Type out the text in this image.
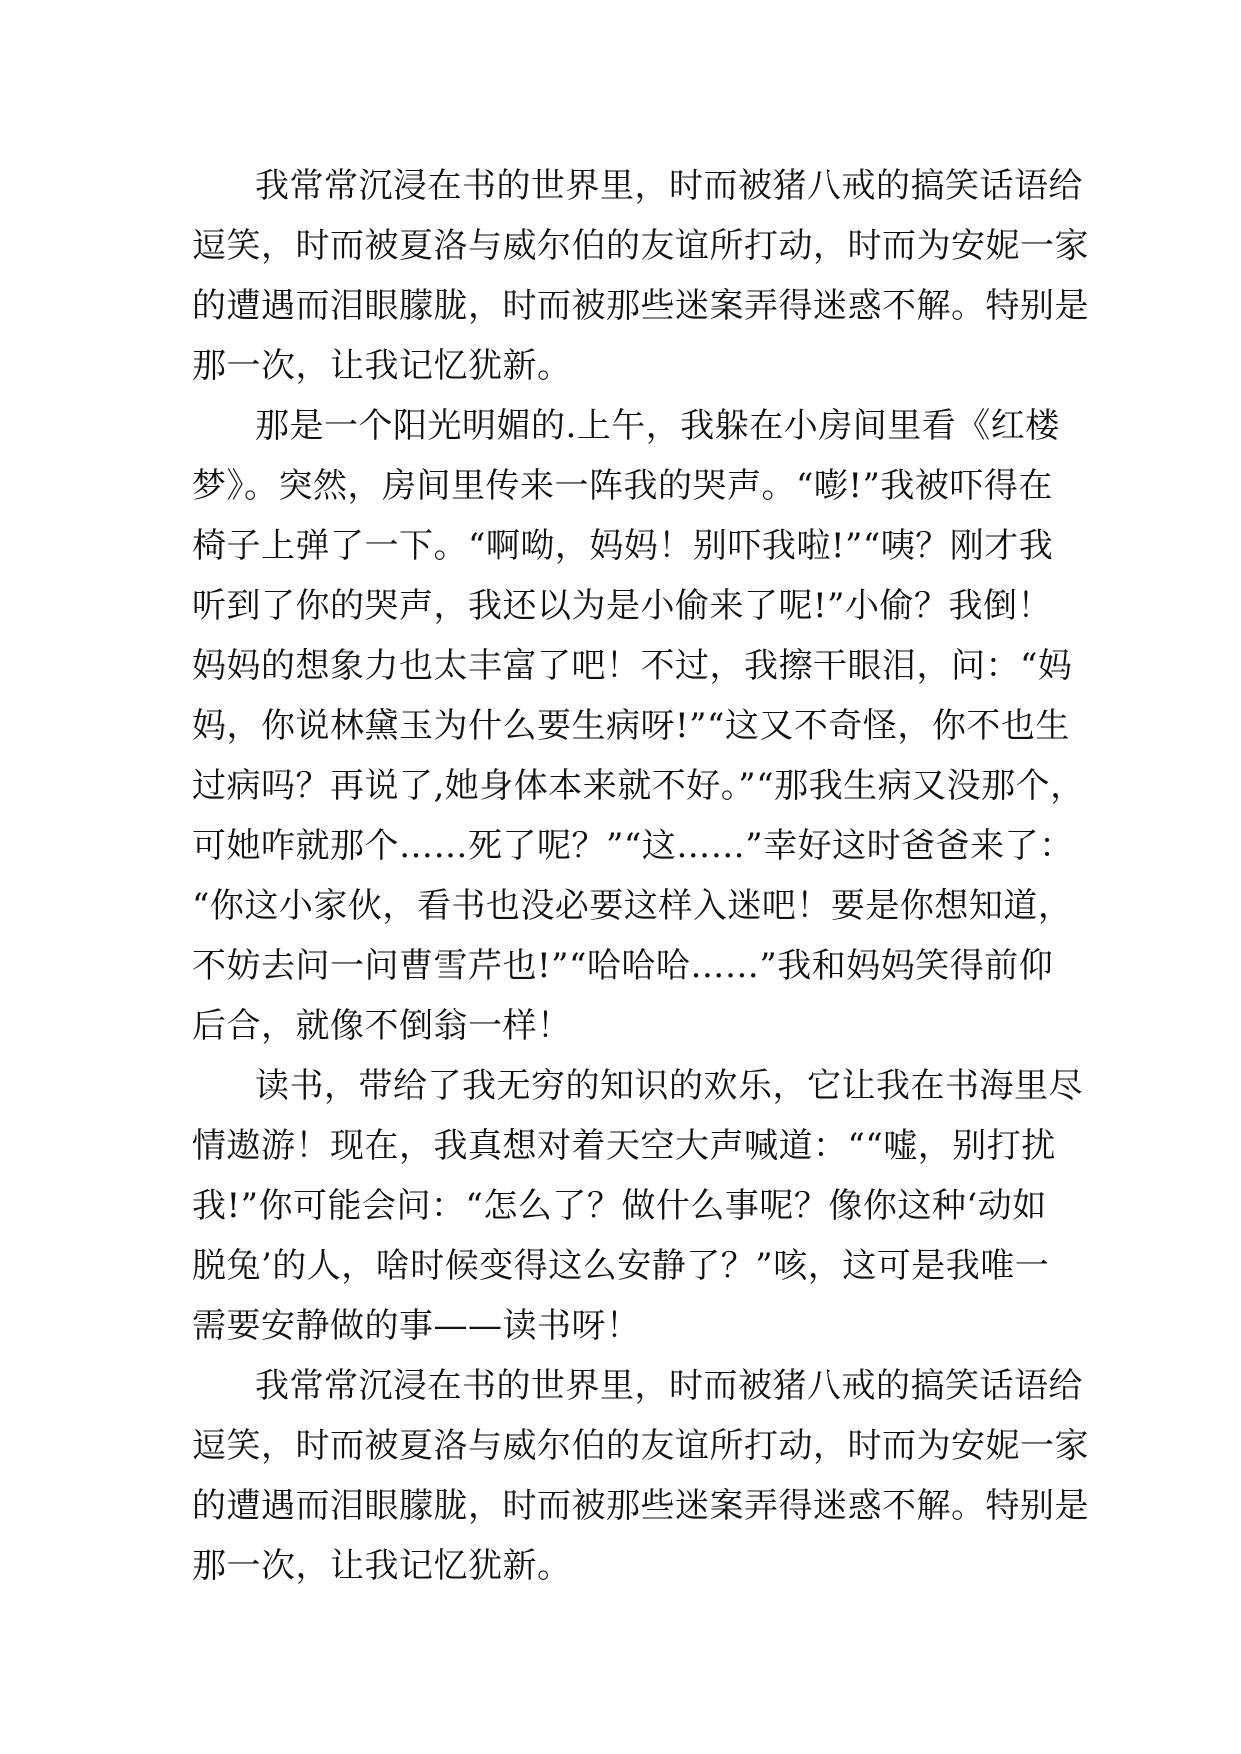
我常常沉浸在书的世界里，时而被猪八戒的搞笑话语给

逗笑，时而被夏洛与威尔伯的友谊所打动，时而为安妮一家

的遭遇而泪眼朦胧，时而被那些迷案弄得迷惑不解。特别是

那一次，让我记忆犹新。

那是一个阳光明媚的.上午，我躲在小房间里看《红楼

梦》。突然，房间里传来一阵我的哭声。“嘭!”我被吓得在

椅子上弹了一下。“啊呦，妈妈！别吓我啦!”“咦？刚才我

听到了你的哭声，我还以为是小偷来了呢!”小偷？我倒！

妈妈的想象力也太丰富了吧！不过，我擦干眼泪，问：“妈

妈，你说林黛玉为什么要生病呀!”“这又不奇怪，你不也生

过病吗？再说了,她身体本来就不好。”“那我生病又没那个，

可她咋就那个……死了呢？”“这……”幸好这时爸爸来了：

“你这小家伙，看书也没必要这样入迷吧！要是你想知道，

不妨去问一问曹雪芹也!”“哈哈哈……”我和妈妈笑得前仰

后合，就像不倒翁一样！

读书，带给了我无穷的知识的欢乐，它让我在书海里尽

情遨游！现在，我真想对着天空大声喊道：““嘘，别打扰

我!”你可能会问：“怎么了？做什么事呢？像你这种‘动如

脱兔’的人，啥时候变得这么安静了？”咳，这可是我唯一

需要安静做的事——读书呀！

我常常沉浸在书的世界里，时而被猪八戒的搞笑话语给

逗笑，时而被夏洛与威尔伯的友谊所打动，时而为安妮一家

的遭遇而泪眼朦胧，时而被那些迷案弄得迷惑不解。特别是

那一次，让我记忆犹新。
